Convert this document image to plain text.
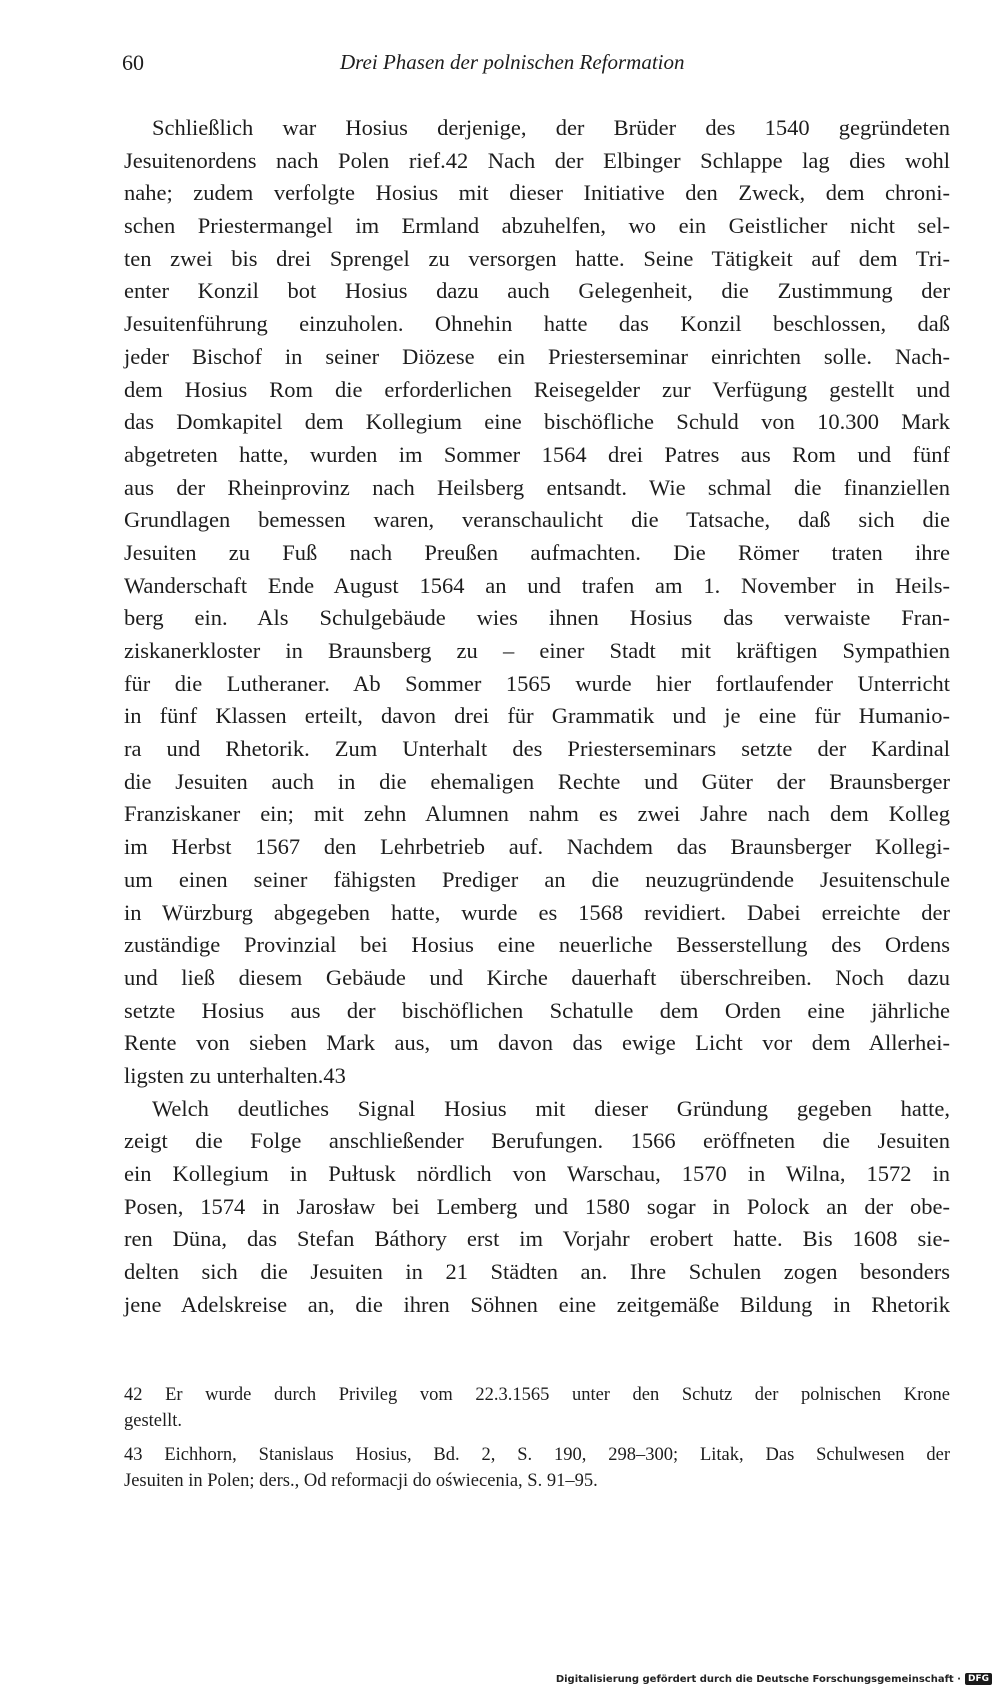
60	Drei Phasen der polnischen Reformation
Schließlich war Hosius derjenige, der Brüder des 1540 gegründeten
Jesuitenordens nach Polen rief.42 Nach der Elbinger Schlappe lag dies wohl
nahe; zudem verfolgte Hosius mit dieser Initiative den Zweck, dem chroni-
schen Priestermangel im Ermland abzuhelfen, wo ein Geistlicher nicht sel-
ten zwei bis drei Sprengel zu versorgen hatte. Seine Tätigkeit auf dem Tri-
enter Konzil bot Hosius dazu auch Gelegenheit, die Zustimmung der
Jesuitenführung einzuholen. Ohnehin hatte das Konzil beschlossen, daß
jeder Bischof in seiner Diözese ein Priesterseminar einrichten solle. Nach-
dem Hosius Rom die erforderlichen Reisegelder zur Verfügung gestellt und
das Domkapitel dem Kollegium eine bischöfliche Schuld von 10.300 Mark
abgetreten hatte, wurden im Sommer 1564 drei Patres aus Rom und fünf
aus der Rheinprovinz nach Heilsberg entsandt. Wie schmal die finanziellen
Grundlagen bemessen waren, veranschaulicht die Tatsache, daß sich die
Jesuiten zu Fuß nach Preußen aufmachten. Die Römer traten ihre
Wanderschaft Ende August 1564 an und trafen am 1. November in Heils-
berg ein. Als Schulgebäude wies ihnen Hosius das verwaiste Fran-
ziskanerkloster in Braunsberg zu – einer Stadt mit kräftigen Sympathien
für die Lutheraner. Ab Sommer 1565 wurde hier fortlaufender Unterricht
in fünf Klassen erteilt, davon drei für Grammatik und je eine für Humanio-
ra und Rhetorik. Zum Unterhalt des Priesterseminars setzte der Kardinal
die Jesuiten auch in die ehemaligen Rechte und Güter der Braunsberger
Franziskaner ein; mit zehn Alumnen nahm es zwei Jahre nach dem Kolleg
im Herbst 1567 den Lehrbetrieb auf. Nachdem das Braunsberger Kollegi-
um einen seiner fähigsten Prediger an die neuzugründende Jesuitenschule
in Würzburg abgegeben hatte, wurde es 1568 revidiert. Dabei erreichte der
zuständige Provinzial bei Hosius eine neuerliche Besserstellung des Ordens
und ließ diesem Gebäude und Kirche dauerhaft überschreiben. Noch dazu
setzte Hosius aus der bischöflichen Schatulle dem Orden eine jährliche
Rente von sieben Mark aus, um davon das ewige Licht vor dem Allerhei-
ligsten zu unterhalten.43
Welch deutliches Signal Hosius mit dieser Gründung gegeben hatte,
zeigt die Folge anschließender Berufungen. 1566 eröffneten die Jesuiten
ein Kollegium in Pułtusk nördlich von Warschau, 1570 in Wilna, 1572 in
Posen, 1574 in Jarosław bei Lemberg und 1580 sogar in Polock an der obe-
ren Düna, das Stefan Báthory erst im Vorjahr erobert hatte. Bis 1608 sie-
delten sich die Jesuiten in 21 Städten an. Ihre Schulen zogen besonders
jene Adelskreise an, die ihren Söhnen eine zeitgemäße Bildung in Rhetorik
42 Er wurde durch Privileg vom 22.3.1565 unter den Schutz der polnischen Krone
gestellt.
43 Eichhorn, Stanislaus Hosius, Bd. 2, S. 190, 298–300; Litak, Das Schulwesen der
Jesuiten in Polen; ders., Od reformacji do oświecenia, S. 91–95.
Digitalisierung gefördert durch die Deutsche Forschungsgemeinschaft · DFG
